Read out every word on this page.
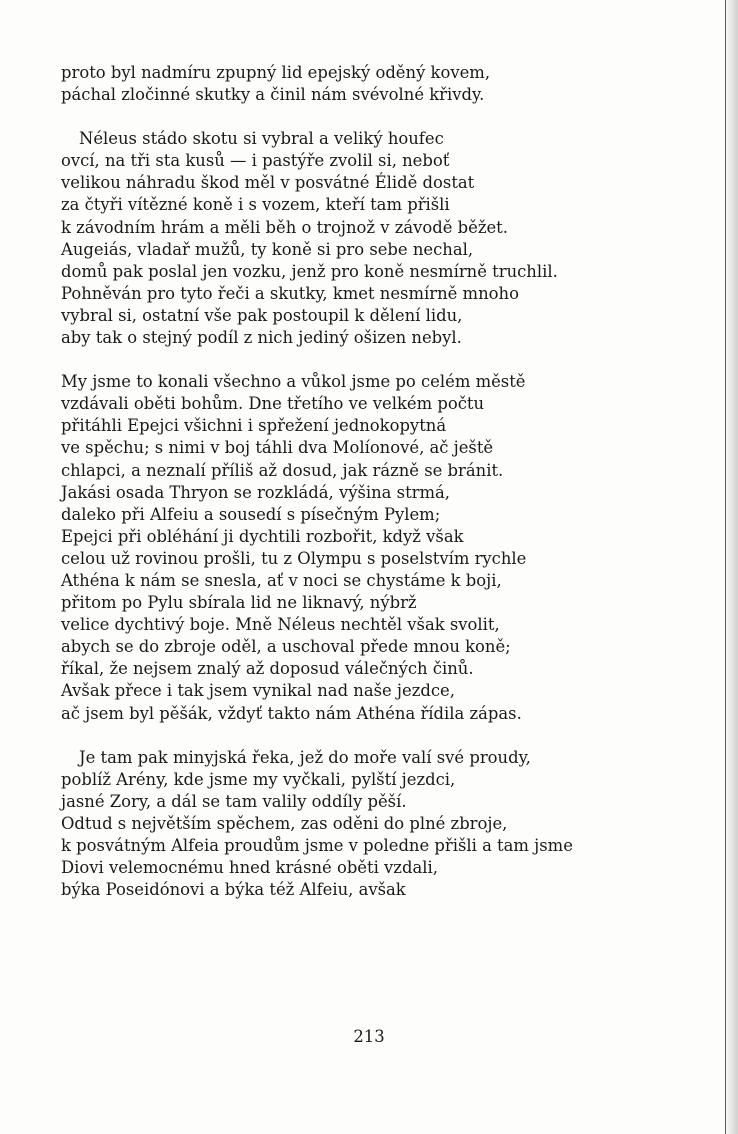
proto byl nadmíru zpupný lid epejský oděný kovem,
páchal zločinné skutky a činil nám svévolné křivdy.
Néleus stádo skotu si vybral a veliký houfec
ovcí, na tři sta kusů — i pastýře zvolil si, neboť
velikou náhradu škod měl v posvátné Élidě dostat
za čtyři vítězné koně i s vozem, kteří tam přišli
k závodním hrám a měli běh o trojnož v závodě běžet.
Augeiás, vladař mužů, ty koně si pro sebe nechal,
domů pak poslal jen vozku, jenž pro koně nesmírně truchlil.
Pohněván pro tyto řeči a skutky, kmet nesmírně mnoho
vybral si, ostatní vše pak postoupil k dělení lidu,
aby tak o stejný podíl z nich jediný ošizen nebyl.
My jsme to konali všechno a vůkol jsme po celém městě
vzdávali oběti bohům. Dne třetího ve velkém počtu
přitáhli Epejci všichni i spřežení jednokopytná
ve spěchu; s nimi v boj táhli dva Molíonové, ač ještě
chlapci, a neznalí příliš až dosud, jak rázně se bránit.
Jakási osada Thryon se rozkládá, výšina strmá,
daleko při Alfeiu a sousedí s písečným Pylem;
Epejci při obléhání ji dychtili rozbořit, když však
celou už rovinou prošli, tu z Olympu s poselstvím rychle
Athéna k nám se snesla, ať v noci se chystáme k boji,
přitom po Pylu sbírala lid ne liknavý, nýbrž
velice dychtivý boje. Mně Néleus nechtěl však svolit,
abych se do zbroje oděl, a uschoval přede mnou koně;
říkal, že nejsem znalý až doposud válečných činů.
Avšak přece i tak jsem vynikal nad naše jezdce,
ač jsem byl pěšák, vždyť takto nám Athéna řídila zápas.
Je tam pak minyjská řeka, jež do moře valí své proudy,
poblíž Arény, kde jsme my vyčkali, pylští jezdci,
jasné Zory, a dál se tam valily oddíly pěší.
Odtud s největším spěchem, zas oděni do plné zbroje,
k posvátným Alfeia proudům jsme v poledne přišli a tam jsme
Diovi velemocnému hned krásné oběti vzdali,
býka Poseidónovi a býka též Alfeiu, avšak
213
